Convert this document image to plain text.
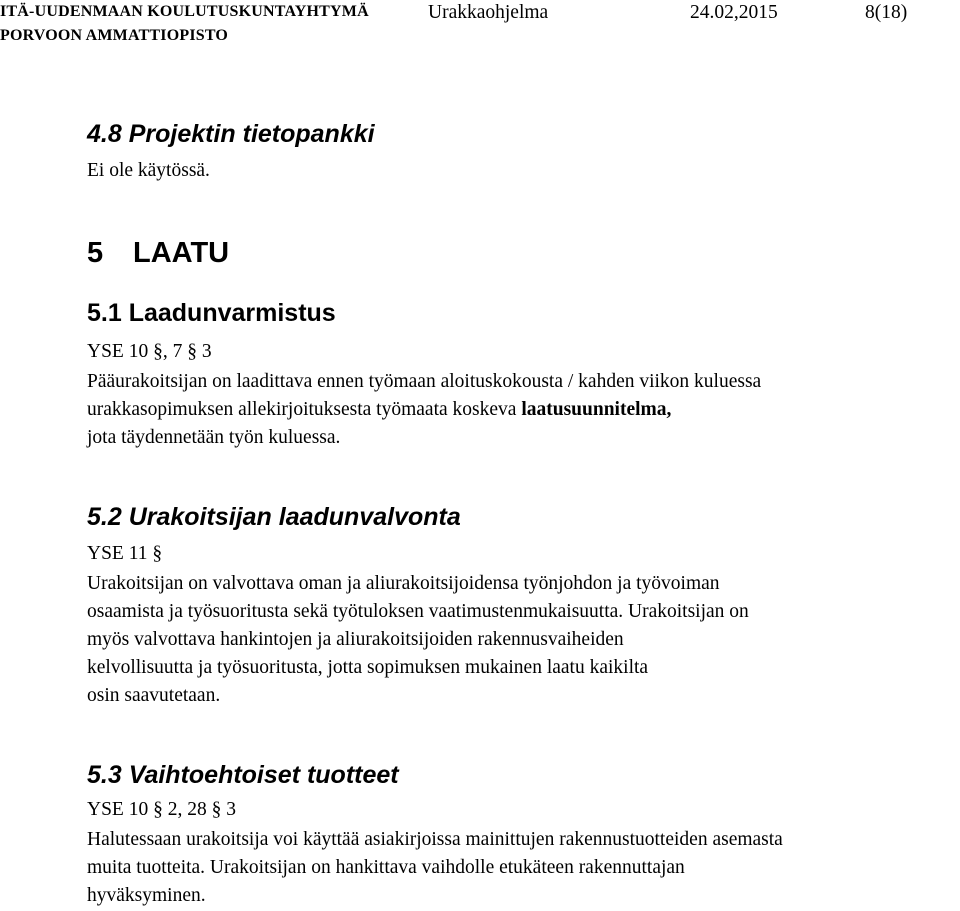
ITÄ-UUDENMAAN KOULUTUSKUNTAYHTYMÄ
PORVOON AMMATTIOPISTO
Urakkaohjelma	24.02,2015	8(18)
4.8 Projektin tietopankki
Ei ole käytössä.
5 LAATU
5.1 Laadunvarmistus
YSE 10 §, 7 § 3
Pääurakoitsijan on laadittava ennen työmaan aloituskokousta / kahden viikon kuluessa
urakkasopimuksen allekirjoituksesta työmaata koskeva laatusuunnitelma,
jota täydennetään työn kuluessa.
5.2 Urakoitsijan laadunvalvonta
YSE 11 §
Urakoitsijan on valvottava oman ja aliurakoitsijoidensa työnjohdon ja työvoiman
osaamista ja työsuoritusta sekä työtuloksen vaatimustenmukaisuutta. Urakoitsijan on
myös valvottava hankintojen ja aliurakoitsijoiden rakennusvaiheiden
kelvollisuutta ja työsuoritusta, jotta sopimuksen mukainen laatu kaikilta
osin saavutetaan.
5.3 Vaihtoehtoiset tuotteet
YSE 10 § 2, 28 § 3
Halutessaan urakoitsija voi käyttää asiakirjoissa mainittujen rakennustuotteiden asemasta
muita tuotteita. Urakoitsijan on hankittava vaihdolle etukäteen rakennuttajan
hyväksyminen.
